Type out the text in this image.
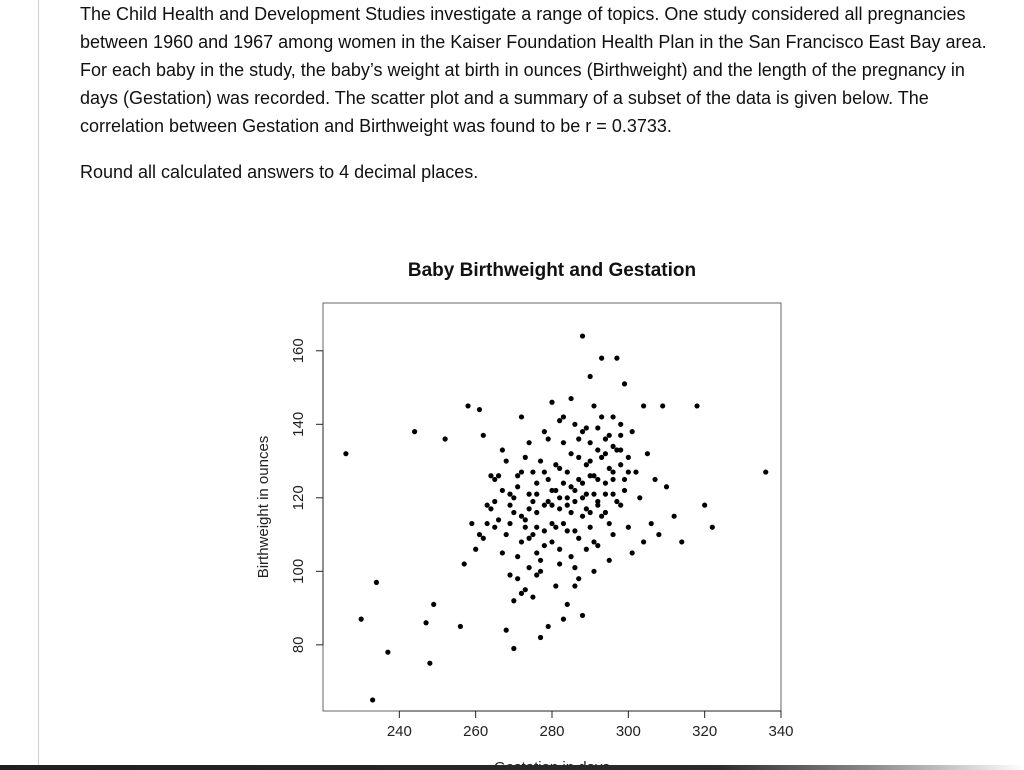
The Child Health and Development Studies investigate a range of topics. One study considered all pregnancies between 1960 and 1967 among women in the Kaiser Foundation Health Plan in the San Francisco East Bay area. For each baby in the study, the baby’s weight at birth in ounces (Birthweight) and the length of the pregnancy in days (Gestation) was recorded. The scatter plot and a summary of a subset of the data is given below. The correlation between Gestation and Birthweight was found to be r = 0.3733.

Round all calculated answers to 4 decimal places.

Baby Birthweight and Gestation
240	260	280	300	320	340
80
100
120
140
160
Birthweight in ounces
